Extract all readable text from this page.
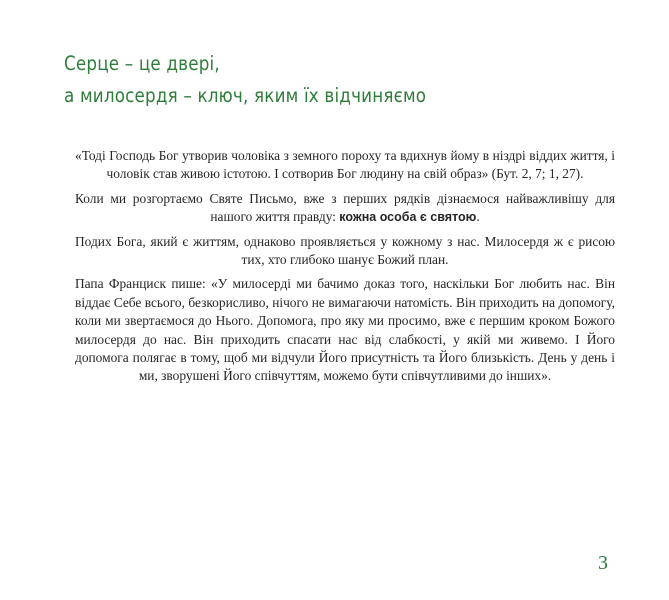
Серце – це двері,
а милосердя – ключ, яким їх відчиняємо

«Тоді Господь Бог утворив чоловіка з земного пороху та вдихнув йому в ніздрі віддих життя, і чоловік став живою істотою. І сотворив Бог людину на свій образ» (Бут. 2, 7; 1, 27).

Коли ми розгортаємо Святе Письмо, вже з перших рядків дізнаємося найважливішу для нашого життя правду: кожна особа є святою.

Подих Бога, який є життям, однаково проявляється у кожному з нас. Милосердя ж є рисою тих, хто глибоко шанує Божий план.

Папа Франциск пише: «У милосерді ми бачимо доказ того, наскільки Бог любить нас. Він віддає Себе всього, безкорисливо, нічого не вимагаючи натомість. Він приходить на допомогу, коли ми звертаємося до Нього. Допомога, про яку ми просимо, вже є першим кроком Божого милосердя до нас. Він приходить спасати нас від слабкості, у якій ми живемо. І Його допомога полягає в тому, щоб ми відчули Його присутність та Його близькість. День у день і ми, зворушені Його співчуттям, можемо бути співчутливими до інших».

3
